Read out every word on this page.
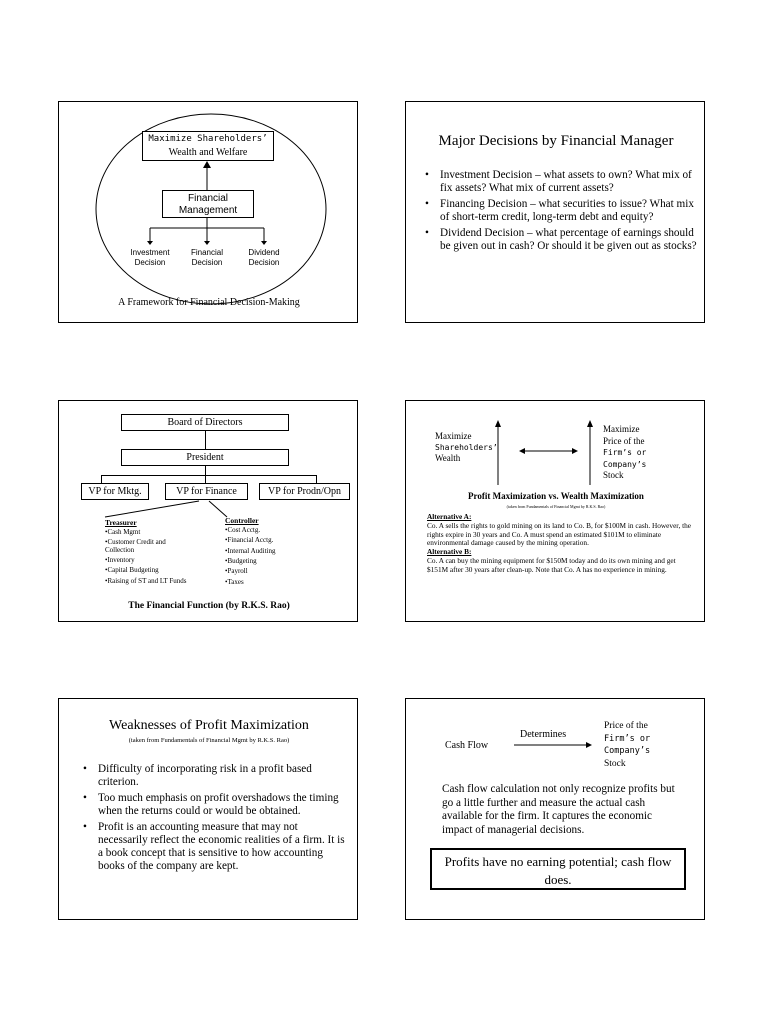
Maximize Shareholders’
Wealth and Welfare
Financial
Management
Investment
Decision
Financial
Decision
Dividend
Decision
A Framework for Financial Decision-Making
Major Decisions by Financial Manager
• Investment Decision – what assets to own? What mix of fix assets? What mix of current assets?
• Financing Decision – what securities to issue? What mix of short-term credit, long-term debt and equity?
• Dividend Decision – what percentage of earnings should be given out in cash? Or should it be given out as stocks?
Board of Directors
President
VP for Mktg.	VP for Finance	VP for Prodn/Opn
Treasurer
•Cash Mgmt
•Customer Credit and Collection
•Inventory
•Capital Budgeting
•Raising of ST and LT Funds
Controller
•Cost Acctg.
•Financial Acctg.
•Internal Auditing
•Budgeting
•Payroll
•Taxes
The Financial Function (by R.K.S. Rao)
Maximize
Shareholders’
Wealth
Maximize
Price of the
Firm’s or
Company’s
Stock
Profit Maximization vs. Wealth Maximization
(taken from Fundamentals of Financial Mgmt by R.K.S. Rao)
Alternative A:
Co. A sells the rights to gold mining on its land to Co. B, for $100M in cash. However, the rights expire in 30 years and Co. A must spend an estimated $101M to eliminate environmental damage caused by the mining operation.
Alternative B:
Co. A can buy the mining equipment for $150M today and do its own mining and get $151M after 30 years after clean-up. Note that Co. A has no experience in mining.
Weaknesses of Profit Maximization
(taken from Fundamentals of Financial Mgmt by R.K.S. Rao)
• Difficulty of incorporating risk in a profit based criterion.
• Too much emphasis on profit overshadows the timing when the returns could or would be obtained.
• Profit is an accounting measure that may not necessarily reflect the economic realities of a firm. It is a book concept that is sensitive to how accounting books of the company are kept.
Cash Flow
Determines
Price of the
Firm’s or
Company’s
Stock
Cash flow calculation not only recognize profits but go a little further and measure the actual cash available for the firm. It captures the economic impact of managerial decisions.
Profits have no earning potential; cash flow does.
